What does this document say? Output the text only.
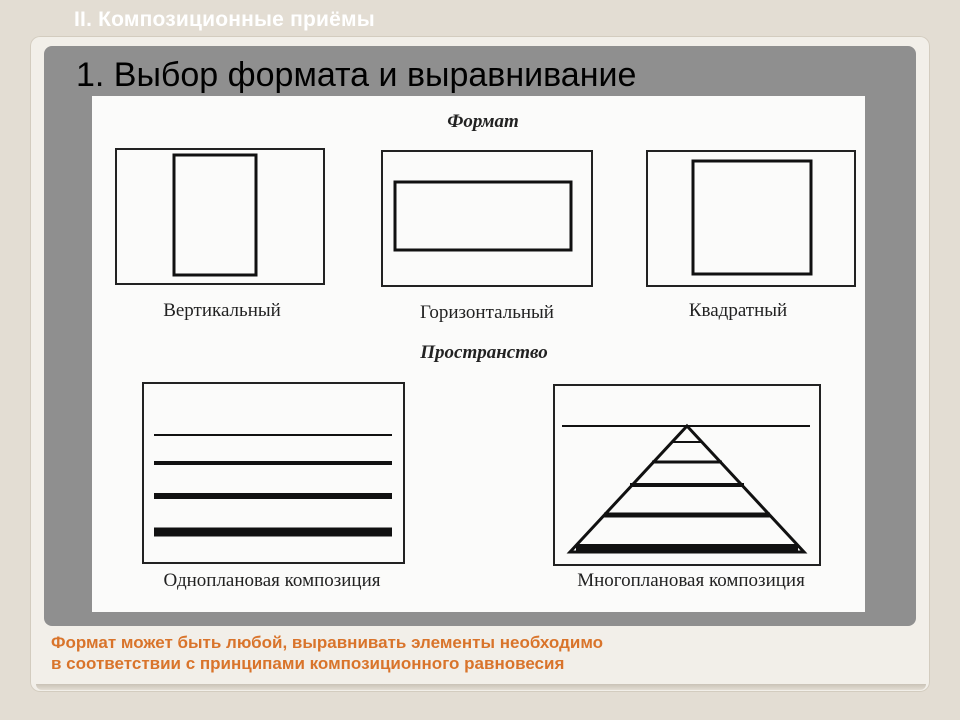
II. Композиционные приёмы
1. Выбор формата и выравнивание
Формат
Вертикальный	Горизонтальный	Квадратный
Пространство
Одноплановая композиция	Многоплановая композиция
Формат может быть любой, выравнивать элементы необходимо
в соответствии с принципами композиционного равновесия
